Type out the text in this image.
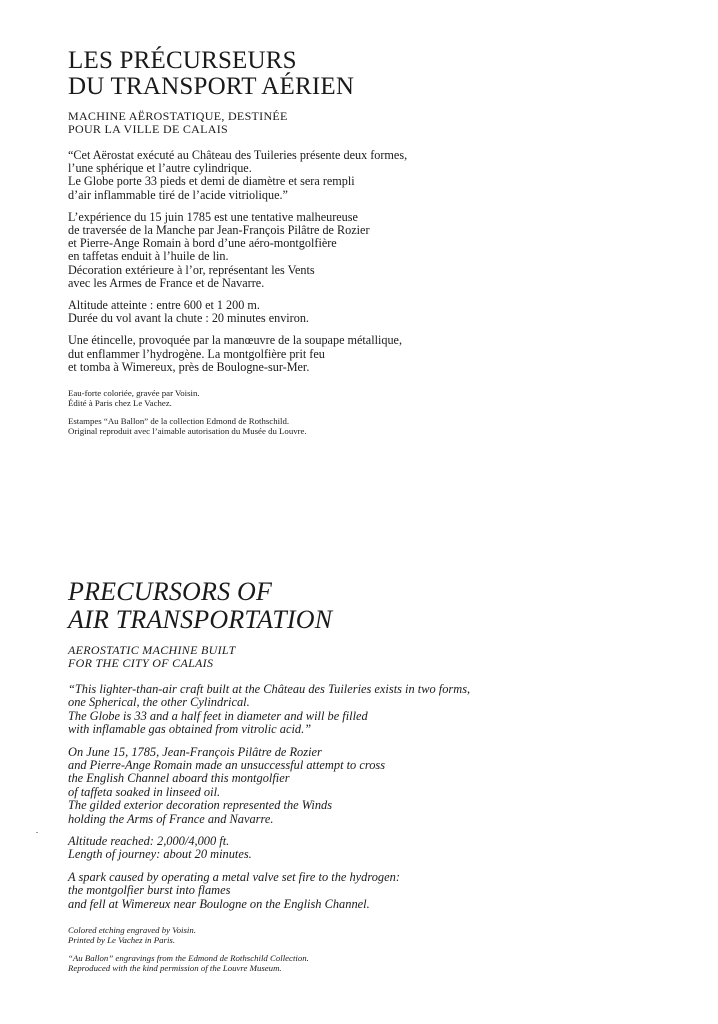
LES PRÉCURSEURS
DU TRANSPORT AÉRIEN

MACHINE AËROSTATIQUE, DESTINÉE
POUR LA VILLE DE CALAIS

“Cet Aërostat exécuté au Château des Tuileries présente deux formes,
l’une sphérique et l’autre cylindrique.
Le Globe porte 33 pieds et demi de diamètre et sera rempli
d’air inflammable tiré de l’acide vitriolique.”

L’expérience du 15 juin 1785 est une tentative malheureuse
de traversée de la Manche par Jean-François Pilâtre de Rozier
et Pierre-Ange Romain à bord d’une aéro-montgolfière
en taffetas enduit à l’huile de lin.
Décoration extérieure à l’or, représentant les Vents
avec les Armes de France et de Navarre.

Altitude atteinte : entre 600 et 1 200 m.
Durée du vol avant la chute : 20 minutes environ.

Une étincelle, provoquée par la manœuvre de la soupape métallique,
dut enflammer l’hydrogène. La montgolfière prit feu
et tomba à Wimereux, près de Boulogne-sur-Mer.

Eau-forte coloriée, gravée par Voisin.
Édité à Paris chez Le Vachez.

Estampes “Au Ballon” de la collection Edmond de Rothschild.
Original reproduit avec l’aimable autorisation du Musée du Louvre.

PRECURSORS OF
AIR TRANSPORTATION

AEROSTATIC MACHINE BUILT
FOR THE CITY OF CALAIS

“This lighter-than-air craft built at the Château des Tuileries exists in two forms,
one Spherical, the other Cylindrical.
The Globe is 33 and a half feet in diameter and will be filled
with inflamable gas obtained from vitrolic acid.”

On June 15, 1785, Jean-François Pilâtre de Rozier
and Pierre-Ange Romain made an unsuccessful attempt to cross
the English Channel aboard this montgolfier
of taffeta soaked in linseed oil.
The gilded exterior decoration represented the Winds
holding the Arms of France and Navarre.

Altitude reached: 2,000/4,000 ft.
Length of journey: about 20 minutes.

A spark caused by operating a metal valve set fire to the hydrogen:
the montgolfier burst into flames
and fell at Wimereux near Boulogne on the English Channel.

Colored etching engraved by Voisin.
Printed by Le Vachez in Paris.

“Au Ballon” engravings from the Edmond de Rothschild Collection.
Reproduced with the kind permission of the Louvre Museum.
